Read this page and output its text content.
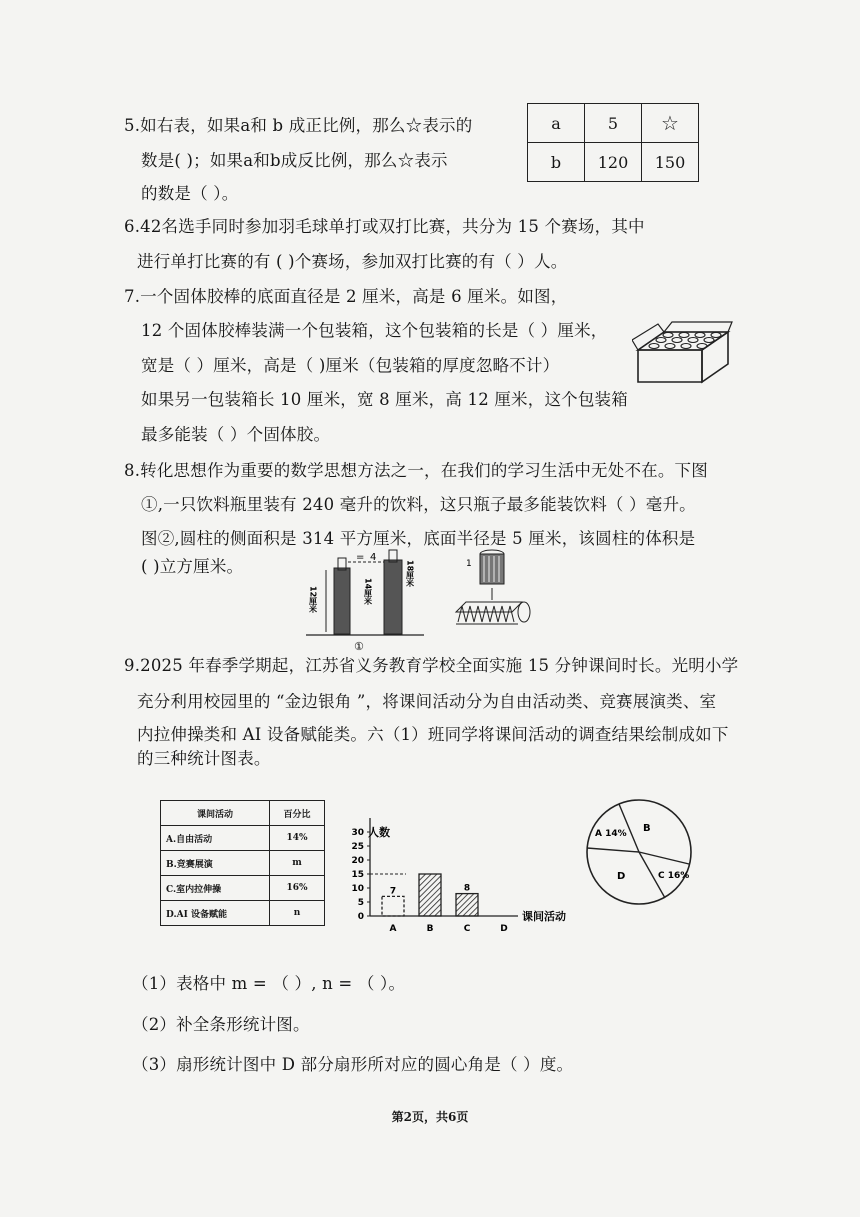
5.如右表，如果a和 b 成正比例，那么☆表示的
数是( )；如果a和b成反比例，那么☆表示
的数是（ ）。
a	5	☆
b	120	150
6.42名选手同时参加羽毛球单打或双打比赛，共分为 15 个赛场，其中
进行单打比赛的有 ( )个赛场，参加双打比赛的有（ ）人。
7.一个固体胶棒的底面直径是 2 厘米，高是 6 厘米。如图，
12 个固体胶棒装满一个包装箱，这个包装箱的长是（ ）厘米，
宽是（ ）厘米，高是（ )厘米（包装箱的厚度忽略不计）
如果另一包装箱长 10 厘米，宽 8 厘米，高 12 厘米，这个包装箱
最多能装（ ）个固体胶。
8.转化思想作为重要的数学思想方法之一，在我们的学习生活中无处不在。下图
①,一只饮料瓶里装有 240 毫升的饮料，这只瓶子最多能装饮料（ ）毫升。
图②,圆柱的侧面积是 314 平方厘米，底面半径是 5 厘米，该圆柱的体积是
( )立方厘米。
12厘米	14厘米
18厘米
= 4
①
1
9.2025 年春季学期起，江苏省义务教育学校全面实施 15 分钟课间时长。光明小学
充分利用校园里的 “金边银角 ”，将课间活动分为自由活动类、竞赛展演类、室
内拉伸操类和 AI 设备赋能类。六（1）班同学将课间活动的调查结果绘制成如下
的三种统计图表。
课间活动	百分比
A.自由活动	14%
B.竞赛展演	m
C.室内拉伸操	16%
D.AI 设备赋能	n
人数
课间活动
0
5
10
15
20
25
30
7
A	B
8
C	D
A 14% B
C 16%
D
（1）表格中 m = （ ）, n = （ ）。
（2）补全条形统计图。
（3）扇形统计图中 D 部分扇形所对应的圆心角是（ ）度。
第2页，共6页
